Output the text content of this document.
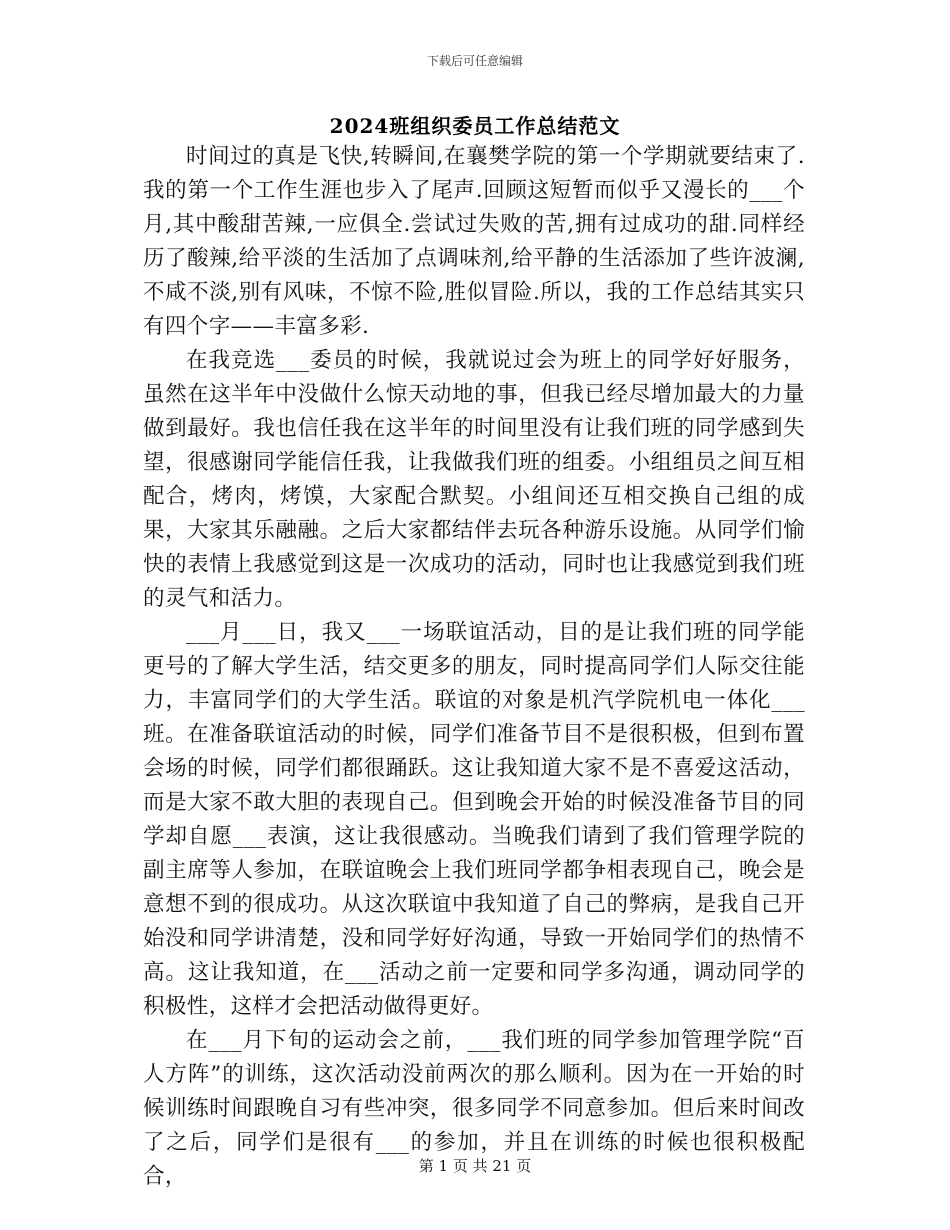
下载后可任意编辑
2024班组织委员工作总结范文

时间过的真是飞快,转瞬间,在襄樊学院的第一个学期就要结束了.我的第一个工作生涯也步入了尾声.回顾这短暂而似乎又漫长的___个月,其中酸甜苦辣,一应俱全.尝试过失败的苦,拥有过成功的甜.同样经历了酸辣,给平淡的生活加了点调味剂,给平静的生活添加了些许波澜,不咸不淡,别有风味，不惊不险,胜似冒险.所以，我的工作总结其实只有四个字——丰富多彩.

在我竞选___委员的时候，我就说过会为班上的同学好好服务，虽然在这半年中没做什么惊天动地的事，但我已经尽增加最大的力量做到最好。我也信任我在这半年的时间里没有让我们班的同学感到失望，很感谢同学能信任我，让我做我们班的组委。小组组员之间互相配合，烤肉，烤馍，大家配合默契。小组间还互相交换自己组的成果，大家其乐融融。之后大家都结伴去玩各种游乐设施。从同学们愉快的表情上我感觉到这是一次成功的活动，同时也让我感觉到我们班的灵气和活力。

___月___日，我又___一场联谊活动，目的是让我们班的同学能更号的了解大学生活，结交更多的朋友，同时提高同学们人际交往能力，丰富同学们的大学生活。联谊的对象是机汽学院机电一体化___班。在准备联谊活动的时候，同学们准备节目不是很积极，但到布置会场的时候，同学们都很踊跃。这让我知道大家不是不喜爱这活动，而是大家不敢大胆的表现自己。但到晚会开始的时候没准备节目的同学却自愿___表演，这让我很感动。当晚我们请到了我们管理学院的副主席等人参加，在联谊晚会上我们班同学都争相表现自己，晚会是意想不到的很成功。从这次联谊中我知道了自己的弊病，是我自己开始没和同学讲清楚，没和同学好好沟通，导致一开始同学们的热情不高。这让我知道，在___活动之前一定要和同学多沟通，调动同学的积极性，这样才会把活动做得更好。

在___月下旬的运动会之前，___我们班的同学参加管理学院“百人方阵”的训练，这次活动没前两次的那么顺利。因为在一开始的时候训练时间跟晚自习有些冲突，很多同学不同意参加。但后来时间改了之后，同学们是很有___的参加，并且在训练的时候也很积极配合，	第 1 页 共 21 页
